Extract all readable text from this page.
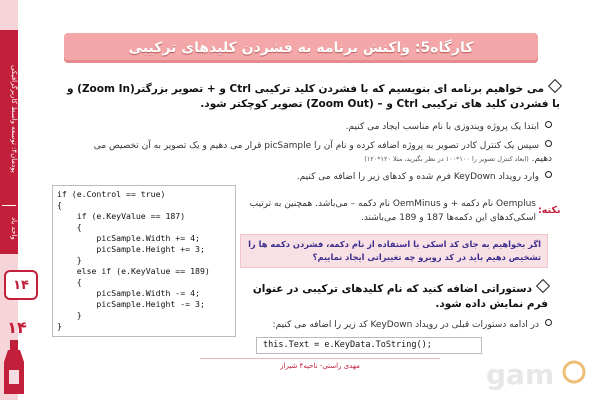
پودمان۴: توسعه واسط کاربرگرافیکی
واحد یاد
۱۴
۱۴
کارگاه5: واکنش برنامه به فشردن کلیدهای ترکیبی
می خواهیم برنامه ای بنویسیم که با فشردن کلید ترکیبی Ctrl و + تصویر بزرگتر(Zoom In) و با فشردن کلید های ترکیبی Ctrl و – (Zoom Out) تصویر کوچکتر شود.
ابتدا یک پروژه ویندوزی با نام مناسب ایجاد می کنیم.
سپس یک کنترل کادر تصویر به پروژه اضافه کرده و نام آن را picSample قرار می دهیم و یک تصویر به آن تخصیص می دهیم. (ابعاد کنترل تصویر را ۱۰۰*۱۰۰ در نظر بگیرید، مثلا ۱۲۰*۱۲۰)
وارد رویداد KeyDown فرم شده و کدهای زیر را اضافه می کنیم.
if (e.Control == true)
{
if (e.KeyValue == 187)
{
picSample.Width += 4;
picSample.Height += 3;
}
else if (e.KeyValue == 189)
{
picSample.Width -= 4;
picSample.Height -= 3;
}
}
نکته:
Oemplus نام دکمه + و OemMinus نام دکمه – می‌باشد. همچنین به ترتیب اسکی‌کدهای این دکمه‌ها 187 و 189 می‌باشند.
اگر بخواهیم به جای کد اسکی با استفاده از نام دکمه، فشردن دکمه ها را تشخیص دهیم باید در کد روبرو چه تغییراتی ایجاد نماییم؟
دستوراتی اضافه کنید که نام کلیدهای ترکیبی در عنوان فرم نمایش داده شود.
در ادامه دستورات قبلی در رویداد KeyDown کد زیر را اضافه می کنیم:
this.Text = e.KeyData.ToString();
مهدی راستی- ناحیه۴ شیراز	gam
